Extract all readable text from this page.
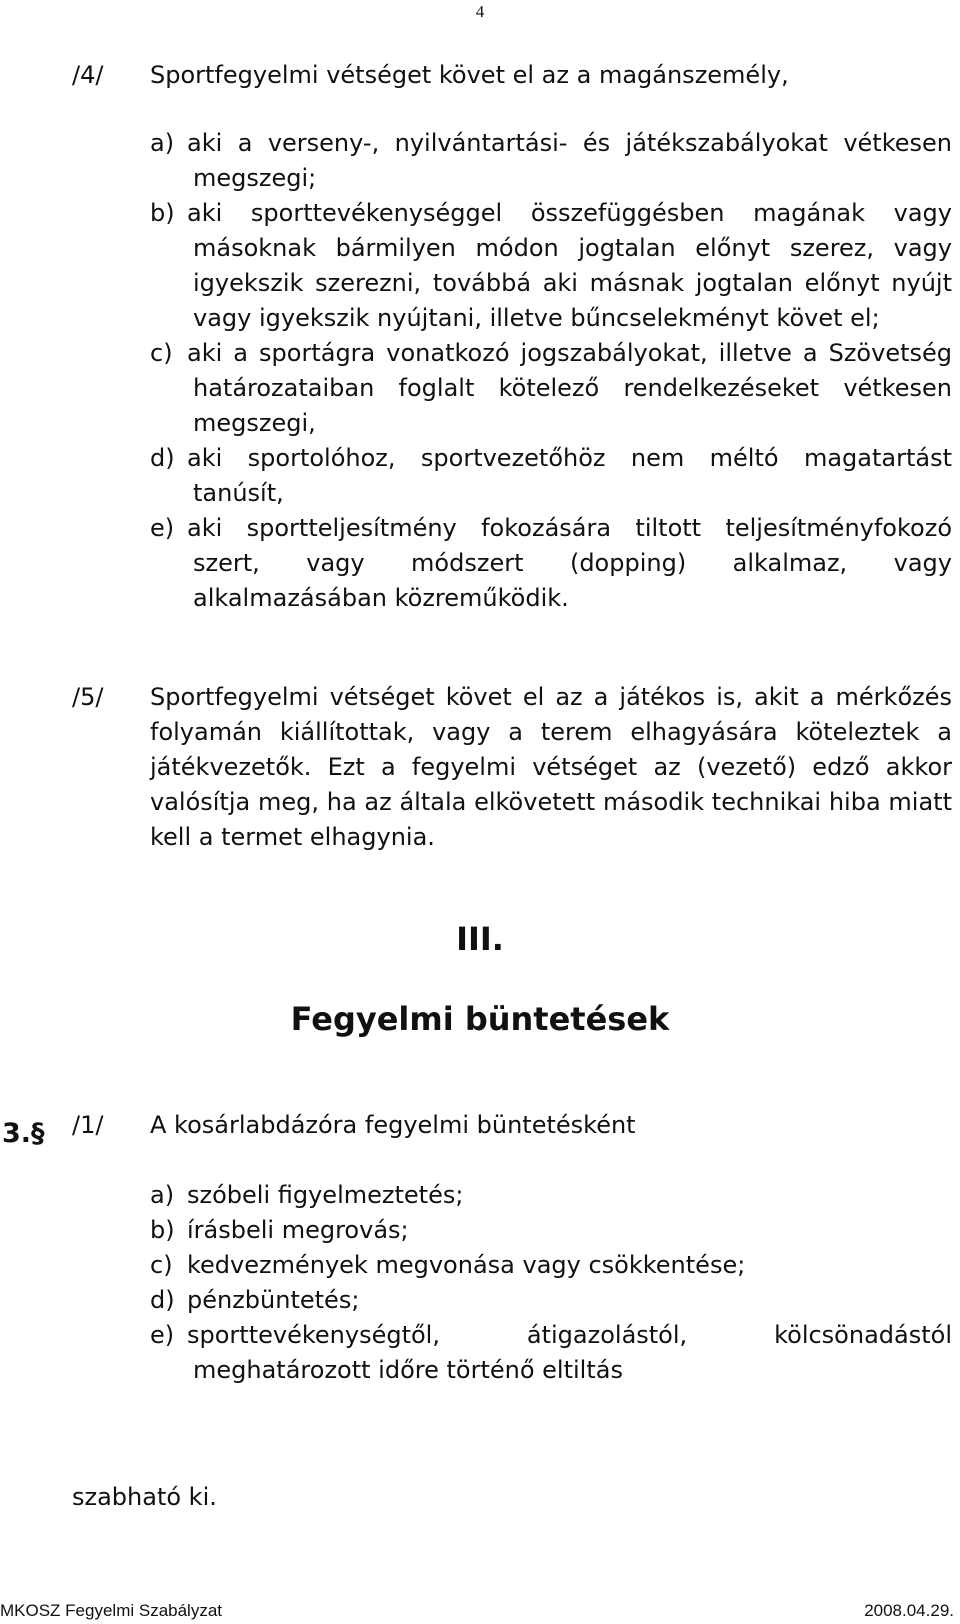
4
/4/ Sportfegyelmi vétséget követ el az a magánszemély,
a) aki a verseny-, nyilvántartási- és játékszabályokat vétkesen megszegi;
b) aki sporttevékenységgel összefüggésben magának vagy másoknak bármilyen módon jogtalan előnyt szerez, vagy igyekszik szerezni, továbbá aki másnak jogtalan előnyt nyújt vagy igyekszik nyújtani, illetve bűncselekményt követ el;
c) aki a sportágra vonatkozó jogszabályokat, illetve a Szövetség határozataiban foglalt kötelező rendelkezéseket vétkesen megszegi,
d) aki sportolóhoz, sportvezetőhöz nem méltó magatartást tanúsít,
e) aki sportteljesítmény fokozására tiltott teljesítményfokozó szert, vagy módszert (dopping) alkalmaz, vagy alkalmazásában közreműködik.
/5/ Sportfegyelmi vétséget követ el az a játékos is, akit a mérkőzés folyamán kiállítottak, vagy a terem elhagyására köteleztek a játékvezetők. Ezt a fegyelmi vétséget az (vezető) edző akkor valósítja meg, ha az általa elkövetett második technikai hiba miatt kell a termet elhagynia.
III.
Fegyelmi büntetések
3.§ /1/ A kosárlabdázóra fegyelmi büntetésként
a) szóbeli figyelmeztetés;
b) írásbeli megrovás;
c) kedvezmények megvonása vagy csökkentése;
d) pénzbüntetés;
e) sporttevékenységtől, átigazolástól, kölcsönadástól meghatározott időre történő eltiltás
szabható ki.
MKOSZ Fegyelmi Szabályzat	2008.04.29.
